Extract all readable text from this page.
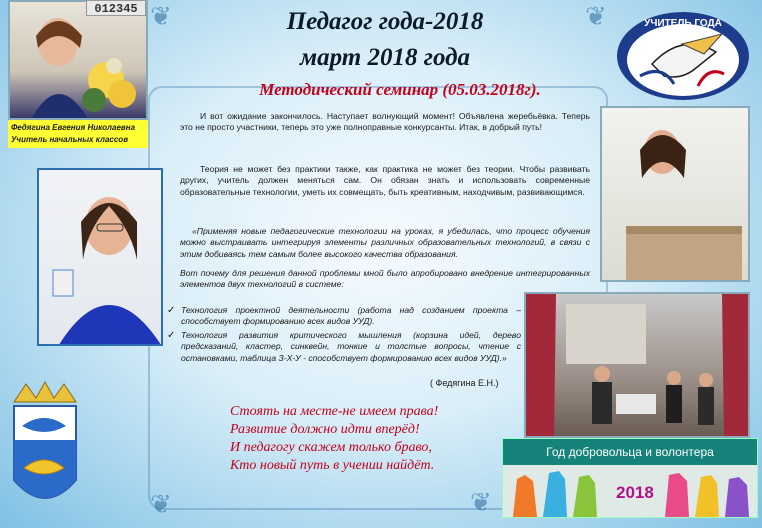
❦	❦
❦	❦
012345
Федягина Евгения Николаевна
Учитель начальных классов
УЧИТЕЛЬ ГОДА
Педагог года-2018
март 2018 года
Методический семинар (05.03.2018г).

И вот ожидание закончилось. Наступает волнующий момент! Объявлена жеребьёвка. Теперь это не просто участники, теперь это уже полноправные конкурсанты. Итак, в добрый путь!

Теория не может без практики также, как практика не может без теории. Чтобы развивать других, учитель должен меняться сам. Он обязан знать и использовать современные образовательные технологии, уметь их совмещать, быть креативным, находчивым, развивающимся.

«Применяя новые педагогические технологии на уроках, я убедилась, что процесс обучения можно выстраивать интегрируя элементы различных образовательных технологий, в связи с этим добиваясь тем самым более высокого качества образования.

Вот почему для решения данной проблемы мной было апробировано внедрение интегрированных элементов двух технологий в системе:

✓ Технология проектной деятельности (работа над созданием проекта – способствует формированию всех видов УУД).
✓ Технология развития критического мышления (корзина идей, дерево предсказаний, кластер, синквейн, тонкие и толстые вопросы, чтение с остановками, таблица З-Х-У - способствует формированию всех видов УУД).»
( Федягина Е.Н.)
Стоять на месте-не имеем права!
Развитие должно идти вперёд!
И педагогу скажем только браво,
Кто новый путь в учении найдёт.
Год добровольца и волонтера
2018
